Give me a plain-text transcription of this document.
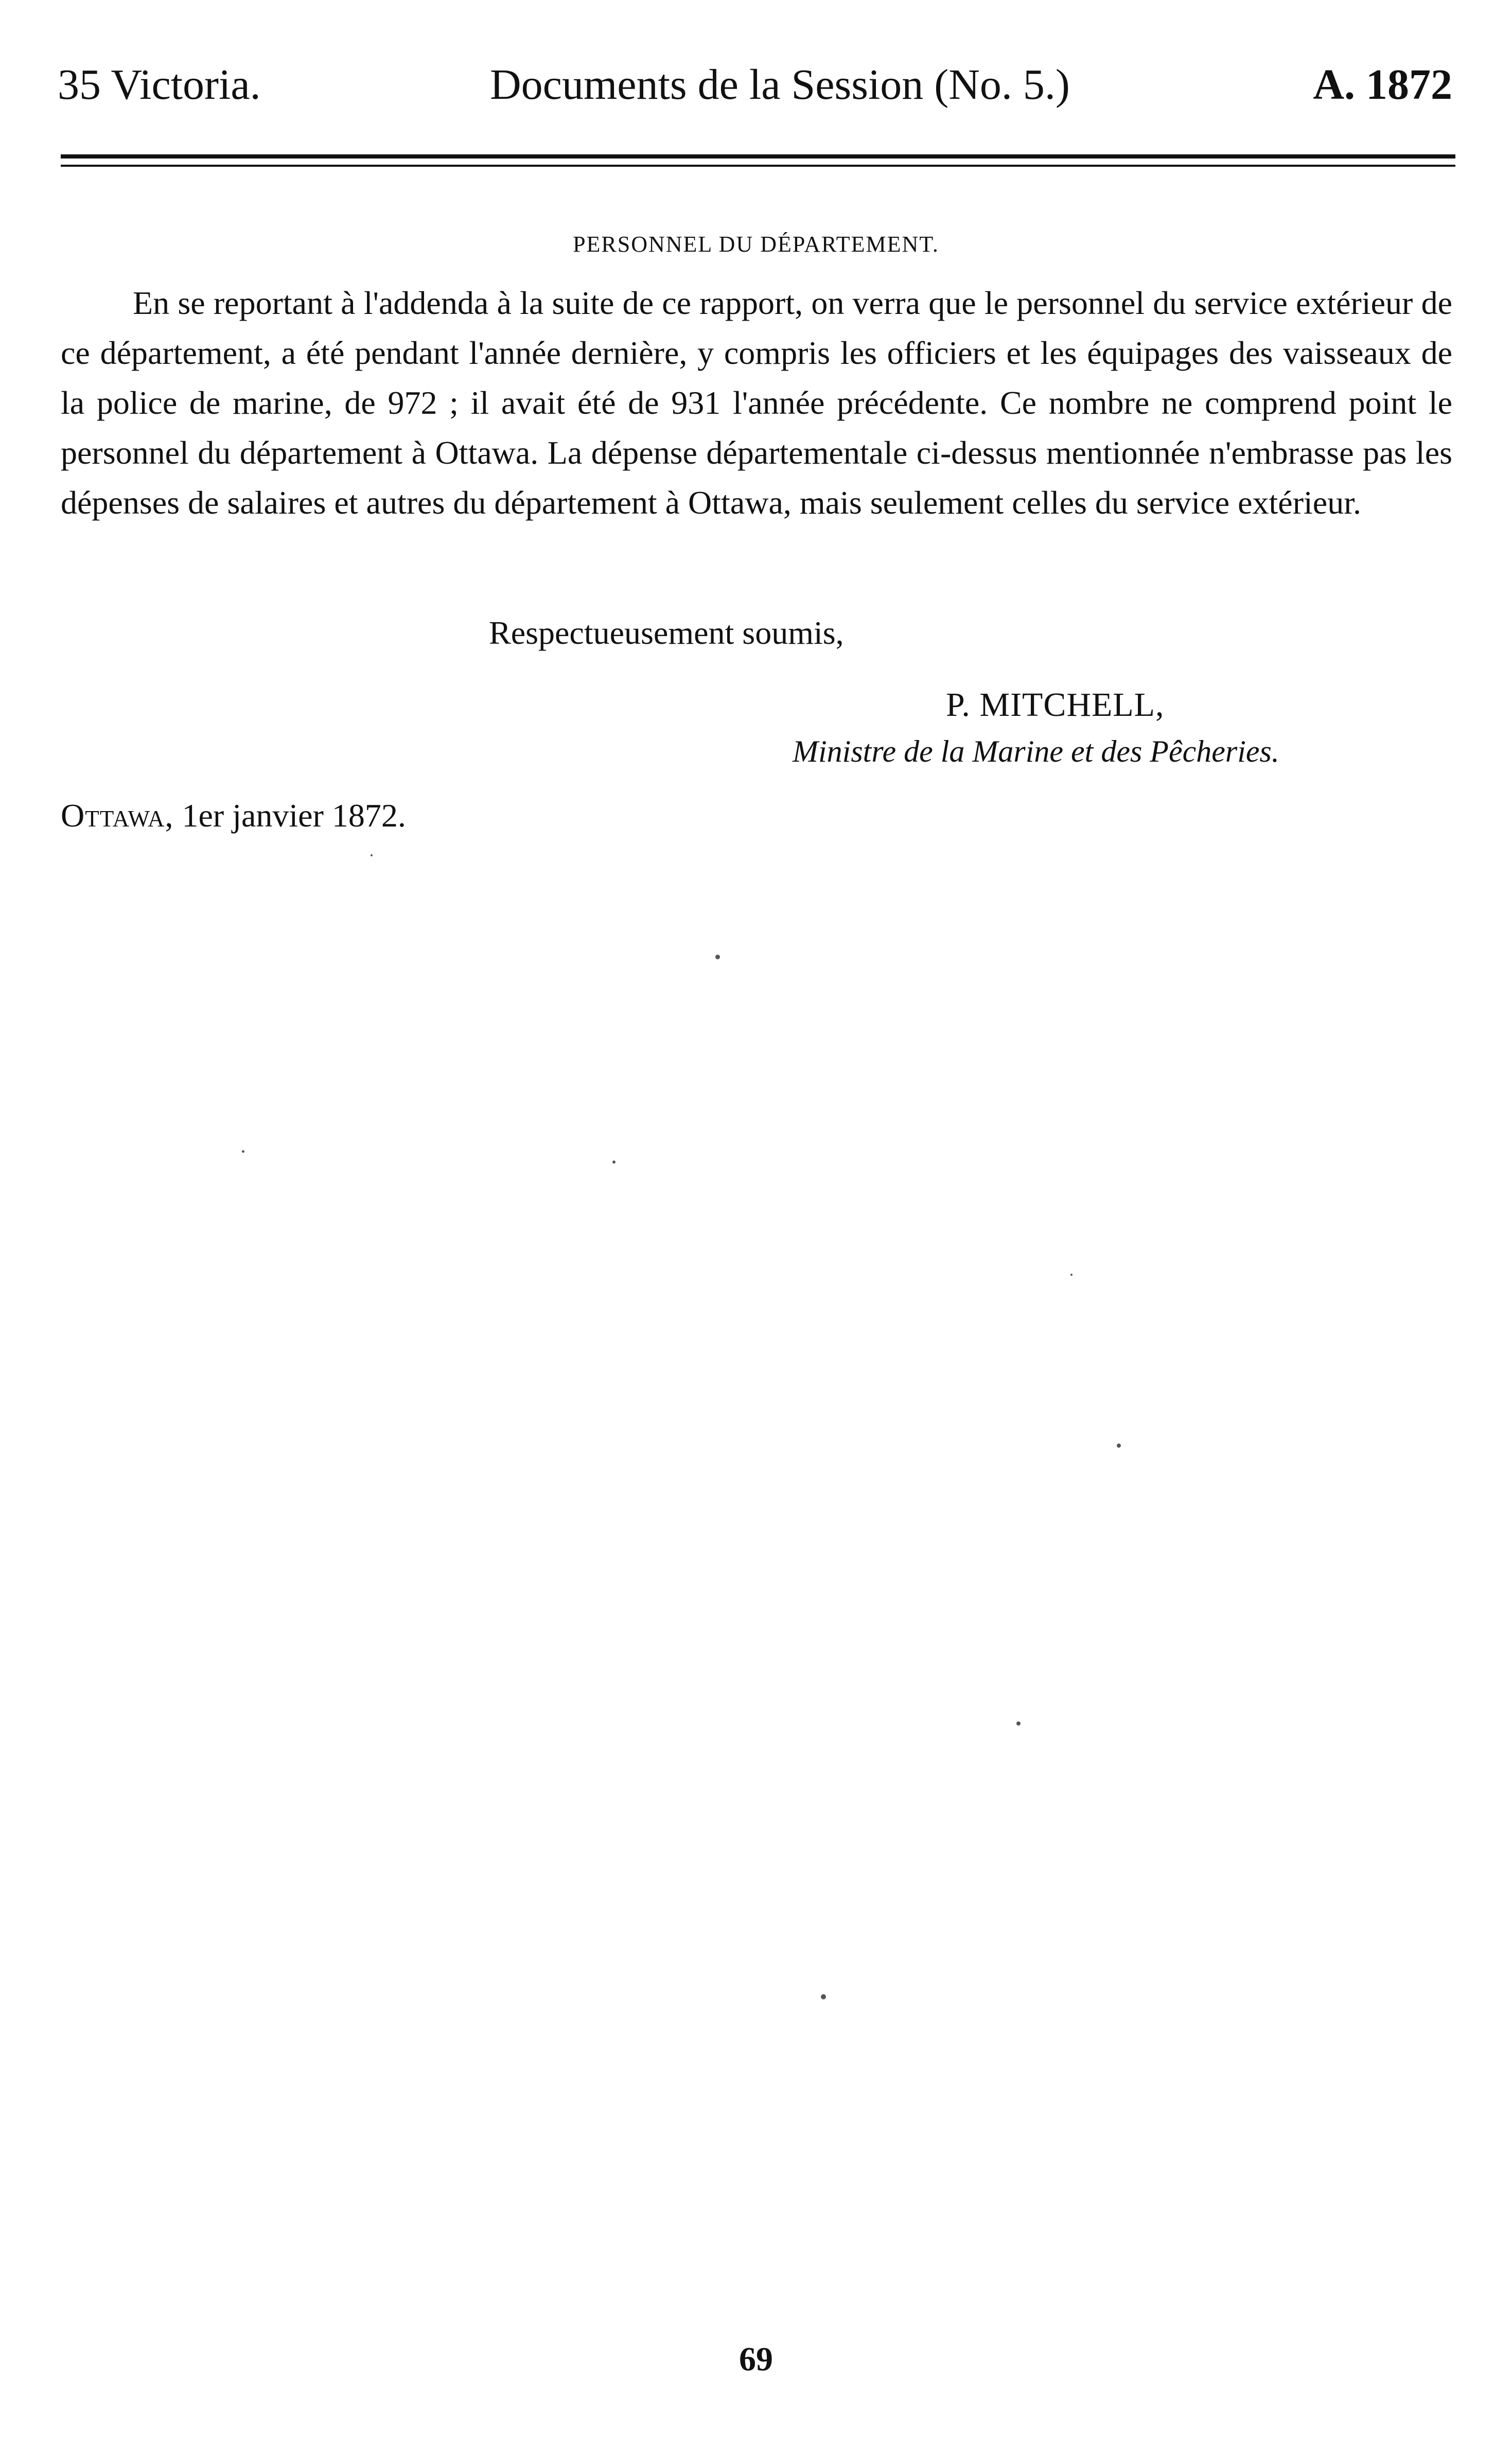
35 Victoria.	Documents de la Session (No. 5.)	A. 1872
PERSONNEL DU DÉPARTEMENT.

En se reportant à l'addenda à la suite de ce rapport, on verra que le personnel du service extérieur de ce département, a été pendant l'année dernière, y compris les officiers et les équipages des vaisseaux de la police de marine, de 972 ; il avait été de 931 l'année précédente. Ce nombre ne comprend point le personnel du département à Ottawa. La dépense départementale ci-dessus mentionnée n'embrasse pas les dépenses de salaires et autres du département à Ottawa, mais seulement celles du service extérieur.

Respectueusement soumis,
P. MITCHELL,
Ministre de la Marine et des Pêcheries.
Ottawa, 1er janvier 1872.
69
